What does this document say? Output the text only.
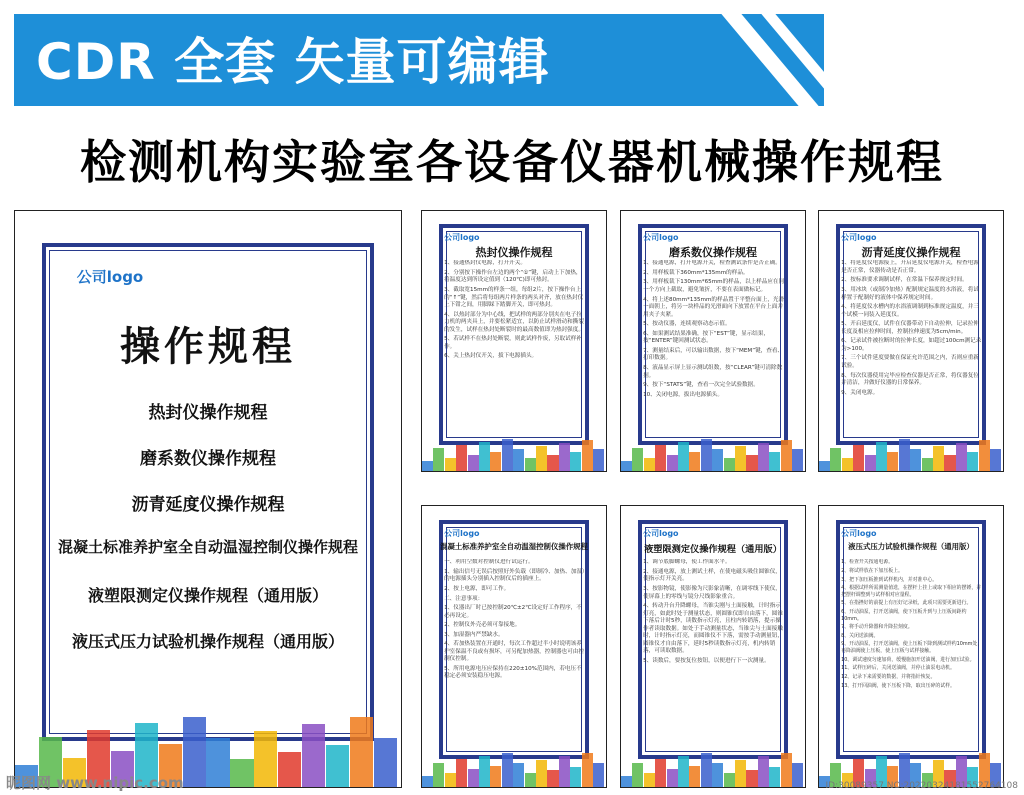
CDR 全套 矢量可编辑
检测机构实验室各设备仪器机械操作规程
公司logo
操作规程
热封仪操作规程
磨系数仪操作规程
沥青延度仪操作规程
混凝土标准养护室全自动温湿控制仪操作规程
液塑限测定仪操作规程（通用版）
液压式压力试验机操作规程（通用版）
公司logo
热封仪操作规程

1、接通热封仪电源，打开开关。

2、分别按下操作台左边的两个“①”键，启动上下加热，将温度达到所设定值到（120℃)即可热封。

3、截取宽15mm的样条一组，每组2片，按下操作台上的“↑”键，然后将每组两片样条的两头对齐，放在热封仪上下钳之间，用脚踩下踏脚开关，即可热封。

4、以热封部分为中心线，把试样的两部分别夹在电子拉力机的两夹具上，并要松紧适宜，以防止试样滑动和撕裂的发生，试样在热封处断裂时的最高数值即为热封强度。

5、若试样不在热封处断裂，则此试样作废，另取试样补作。

6、关上热封仪开关，拔下电源插头。

公司logo
磨系数仪操作规程

1、接通电源，打开电源开关，检查测试条件是否正确。

2、用样板裁下360mm*135mm的样品。

3、用样板裁下130mm*65mm的样品，以上样品应在同一个方向上截取，避免皱折，不要在表面做标记。

4、将上述80mm*135mm的样品置于平整台面上，光滑一面朝上，将另一块样品的光滑面向下放置在平台上面并用夹子夹紧。

5、按动仪器，连续观察动态示值。

6、如果测试结果准确，按下“EST”键，显示结果，按“ENTER”键回测试状态。

7、测量结束后，可以输出数据，按下“MEM”键，查看、打印数据。

8、液晶显示屏上显示测试组数，按“CLEAR”键可清除数据。

9、按下“STATS”键，查看一次完全试验数据。

10、关闭电源，拔出电源插头。

公司logo
沥青延度仪操作规程

1、将延度仪电源接上，开启延度仪电源开关，检查电源是否正常，仪器传动是否正常。

2、按标准要求调制试样，在常温下保养规定时间。

3、用冰块（或制冷加热）配制规定温度的水浴液，将试样置于配制好的液体中保养规定时间。

4、将延度仪水槽内的水浴液调制到标准规定温度，并三个试模一同装入延度仪。

5、开启延度仪，试件在仪器带动下自动拉伸，记录拉伸长度及相应拉伸时间，控制拉伸速度为5cm/min。

6、记录试件被拉断时的拉伸长度，如超过100cm测记录为>100。

7、三个试件延度要做在保证允许范围之内，否则应重新试验。

8、每次仪器使用完毕应检查仪器是否正常，将仪器复位并清洁，并做好仪器的日常保养。

9、关闭电源。

公司logo
混凝土标准养护室全自动温湿控制仪操作规程

一、利用空数对控制仪进行试运行。

1、输出信号无误后按照好外负载（即制冷、加热、加湿）的电源插头分别插入控制仪后的插座上。

2、按上电源，即可工作。

二、注意事项：

1、仪器出厂时已按控制20℃±2℃设定好工作程序，不必再设定。

2、控制仪外壳必须可靠接地。

3、加湿器内严禁缺水。

4、若加热装置在开通时，每次工作超过半小时说明该养护室保温不良或有损坏，可另配加热器，控制器也可由控制仪控制。

5、所用电源电压应保持在220±10%范围内，若电压不稳定必须安装稳压电源。

公司logo
液塑限测定仪操作规程（通用版）

1、调节底脚螺母，使工作面水平。

2、接通电源，放上测试土样，在使电磁头吸住圆锥仪，使指示灯开关亮。

3、按影物镜，使影像为尺影象清晰，在调零线下使仪，使屏幕上的零线与镜分尺线影象重合。

4、转动升台升降螺母，当锥尖刚与土面接触，计时指示灯亮，如此时处于测量状态，则圆锥仪即自由落下，圆锥下落后计时5秒，读数指示灯亮，且柱内转销落，提示操作者读取数据。如处于手动测量状态，当锥尖与土面接触时，计时指示灯亮，而圆锥仪不下落，需按手动测量钮，圆锥仪才自由落下，延时5秒读数指示灯亮，机内转销落，可读取数据。

5、读数后，要按复位按钮，以便进行下一次测量。

公司logo
液压式压力试验机操作规程（通用版）

1、检查开关按通电源。

2、将试样放在下加压板上。

3、把下加压板推到试样机内，并对准中心。

4、根据试样所需测量值选，在摆杆上挂上或取下相应的摆锤，并把摆杆调整到与试样相对应量程。

5、在指挫好的前提上有压好记录纸，此项只需要更新进行。

6、开动油泵，打开送油阀，使下压板升到与上压板间距约10mm。

7、将手动升降器和升降拉刻度。

8、关闭送油阀。

9、开动油泵，打开送油阀，使上压板下降到测试样约10mm处，再降油阀使上压板，使上压板与试样接触。

10、调试速度匀速加荷，缓慢施加开送油阀，进行加压试验。

11、试样压碎后，关闭送油阀，并停止油泵电动机。

12、记录下来需要的数据，并将指针恢复。

13、打开回油阀，使下压板下降，取出压碎的试样。

昵图网 www.nipic.com	ID:30089357 NO:20220324181552764108
